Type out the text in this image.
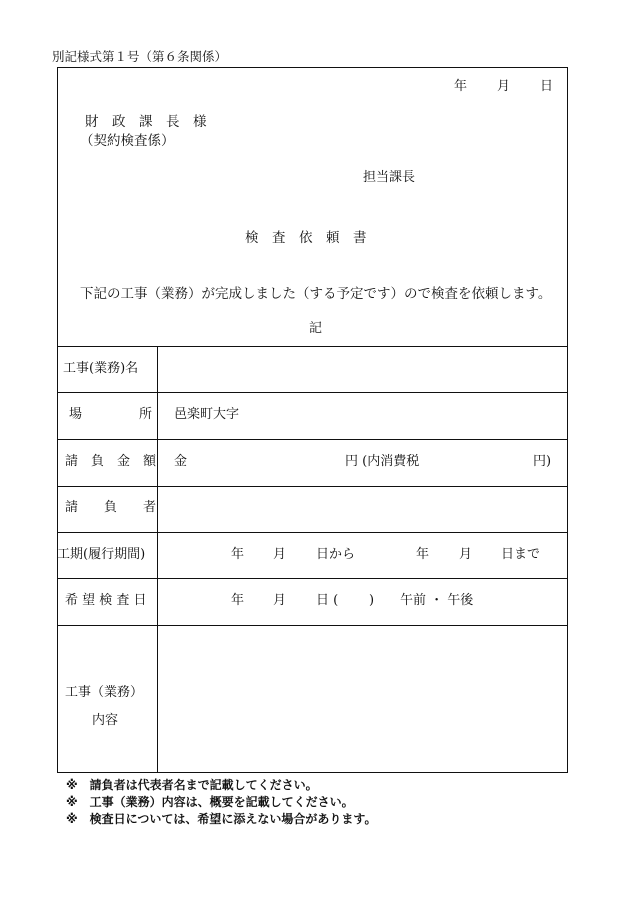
別記様式第１号（第６条関係）
年 月 日
財　政　課　長　様
（契約検査係）
担当課長
検　査　依　頼　書
下記の工事（業務）が完成しました（する予定です）ので検査を依頼します。
記
工事(業務)名
場	所 邑楽町大字
請　負　金　額 金	円 (内消費税	円)
請　　負　　者
工期(履行期間)	年 月 日から	年 月 日まで
希 望 検 査 日	年 月 日 ( ) 午前 ・ 午後
工事（業務）
内容
※　請負者は代表者名まで記載してください。
※　工事（業務）内容は、概要を記載してください。
※　検査日については、希望に添えない場合があります。
